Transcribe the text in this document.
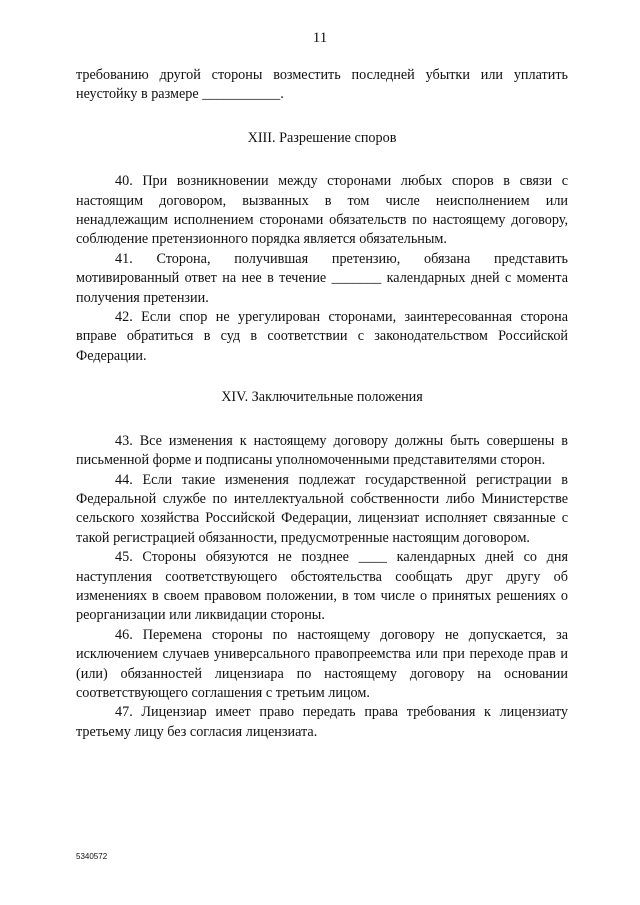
11

требованию другой стороны возместить последней убытки или уплатить неустойку в размере ___________.

XIII. Разрешение споров

40. При возникновении между сторонами любых споров в связи с настоящим договором, вызванных в том числе неисполнением или ненадлежащим исполнением сторонами обязательств по настоящему договору, соблюдение претензионного порядка является обязательным.

41. Сторона, получившая претензию, обязана представить мотивированный ответ на нее в течение _______ календарных дней с момента получения претензии.

42. Если спор не урегулирован сторонами, заинтересованная сторона вправе обратиться в суд в соответствии с законодательством Российской Федерации.

XIV. Заключительные положения

43. Все изменения к настоящему договору должны быть совершены в письменной форме и подписаны уполномоченными представителями сторон.

44. Если такие изменения подлежат государственной регистрации в Федеральной службе по интеллектуальной собственности либо Министерстве сельского хозяйства Российской Федерации, лицензиат исполняет связанные с такой регистрацией обязанности, предусмотренные настоящим договором.

45. Стороны обязуются не позднее ____ календарных дней со дня наступления соответствующего обстоятельства сообщать друг другу об изменениях в своем правовом положении, в том числе о принятых решениях о реорганизации или ликвидации стороны.

46. Перемена стороны по настоящему договору не допускается, за исключением случаев универсального правопреемства или при переходе прав и (или) обязанностей лицензиара по настоящему договору на основании соответствующего соглашения с третьим лицом.

47. Лицензиар имеет право передать права требования к лицензиату третьему лицу без согласия лицензиата.

5340572
